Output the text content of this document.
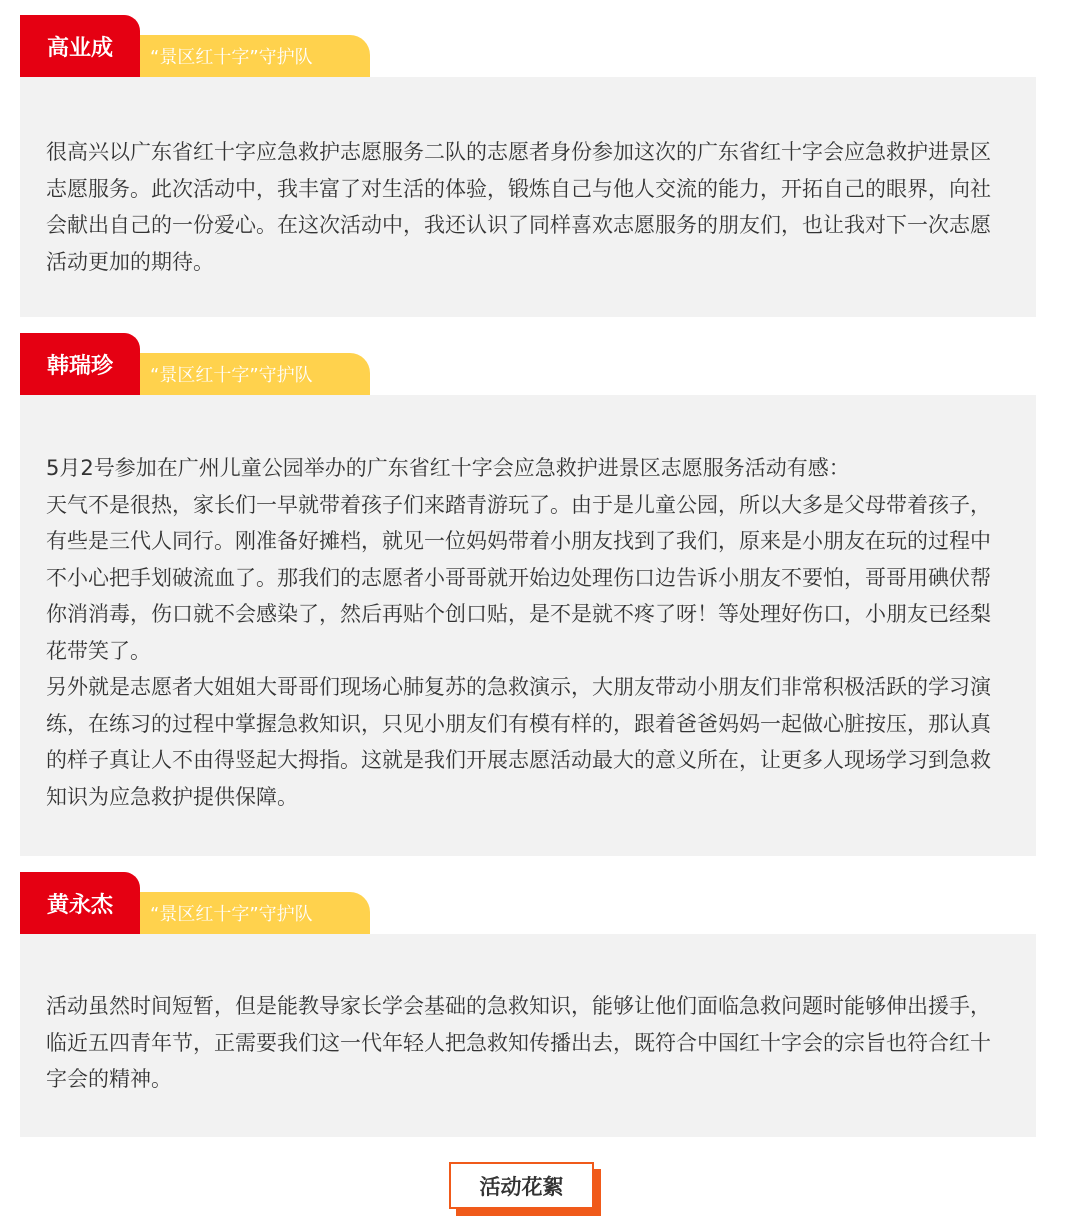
高业成	“景区红十字”守护队

很高兴以广东省红十字应急救护志愿服务二队的志愿者身份参加这次的广东省红十字会应急救护进景区志愿服务。此次活动中，我丰富了对生活的体验，锻炼自己与他人交流的能力，开拓自己的眼界，向社会献出自己的一份爱心。在这次活动中，我还认识了同样喜欢志愿服务的朋友们，也让我对下一次志愿活动更加的期待。

韩瑞珍	“景区红十字”守护队

5月2号参加在广州儿童公园举办的广东省红十字会应急救护进景区志愿服务活动有感：

天气不是很热，家长们一早就带着孩子们来踏青游玩了。由于是儿童公园，所以大多是父母带着孩子，有些是三代人同行。刚准备好摊档，就见一位妈妈带着小朋友找到了我们，原来是小朋友在玩的过程中不小心把手划破流血了。那我们的志愿者小哥哥就开始边处理伤口边告诉小朋友不要怕，哥哥用碘伏帮你消消毒，伤口就不会感染了，然后再贴个创口贴，是不是就不疼了呀！等处理好伤口，小朋友已经梨花带笑了。

另外就是志愿者大姐姐大哥哥们现场心肺复苏的急救演示，大朋友带动小朋友们非常积极活跃的学习演练，在练习的过程中掌握急救知识，只见小朋友们有模有样的，跟着爸爸妈妈一起做心脏按压，那认真的样子真让人不由得竖起大拇指。这就是我们开展志愿活动最大的意义所在，让更多人现场学习到急救知识为应急救护提供保障。

黄永杰	“景区红十字”守护队

活动虽然时间短暂，但是能教导家长学会基础的急救知识，能够让他们面临急救问题时能够伸出援手，临近五四青年节，正需要我们这一代年轻人把急救知传播出去，既符合中国红十字会的宗旨也符合红十字会的精神。

活动花絮
